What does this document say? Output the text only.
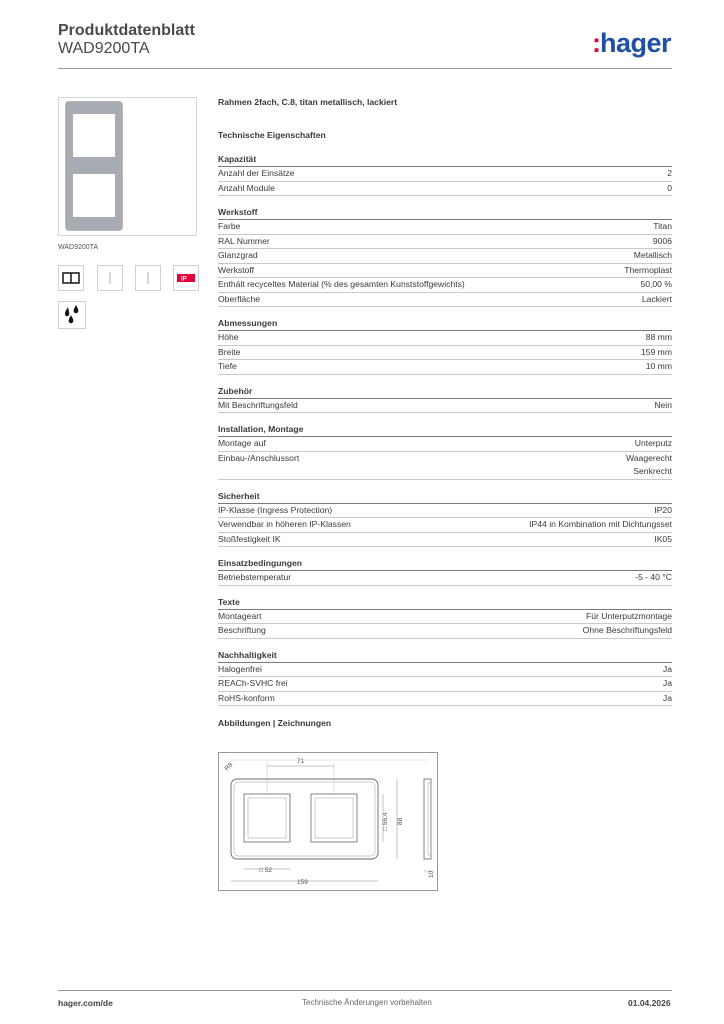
Produktdatenblatt
WAD9200TA	:hager
WAD9200TA
IP
Rahmen 2fach, C.8, titan metallisch, lackiert
Technische Eigenschaften
Kapazität
Anzahl der Einsätze	2
Anzahl Module	0
Werkstoff
Farbe	Titan
RAL Nummer	9006
Glanzgrad	Metallisch
Werkstoff	Thermoplast
Enthält recyceltes Material (% des gesamten Kunststoffgewichts)	50,00 %
Oberfläche	Lackiert
Abmessungen
Höhe	88 mm
Breite	159 mm
Tiefe	10 mm
Zubehör
Mit Beschriftungsfeld	Nein
Installation, Montage
Montage auf	Unterputz
Einbau-/Anschlussort	Waagerecht
Senkrecht
Sicherheit
IP-Klasse (Ingress Protection)	IP20
Verwendbar in höheren IP-Klassen	IP44 in Kombination mit Dichtungsset
Stoßfestigkeit IK	IK05
Einsatzbedingungen
Betriebstemperatur	-5 - 40 °C
Texte
Montageart	Für Unterputzmontage
Beschriftung	Ohne Beschriftungsfeld
Nachhaltigkeit
Halogenfrei	Ja
REACh-SVHC frei	Ja
RoHS-konform	Ja
Abbildungen | Zeichnungen
71
□ 52
159
□ 56,4 88
R8
10
hager.com/de	Technische Änderungen vorbehalten	01.04.2026
